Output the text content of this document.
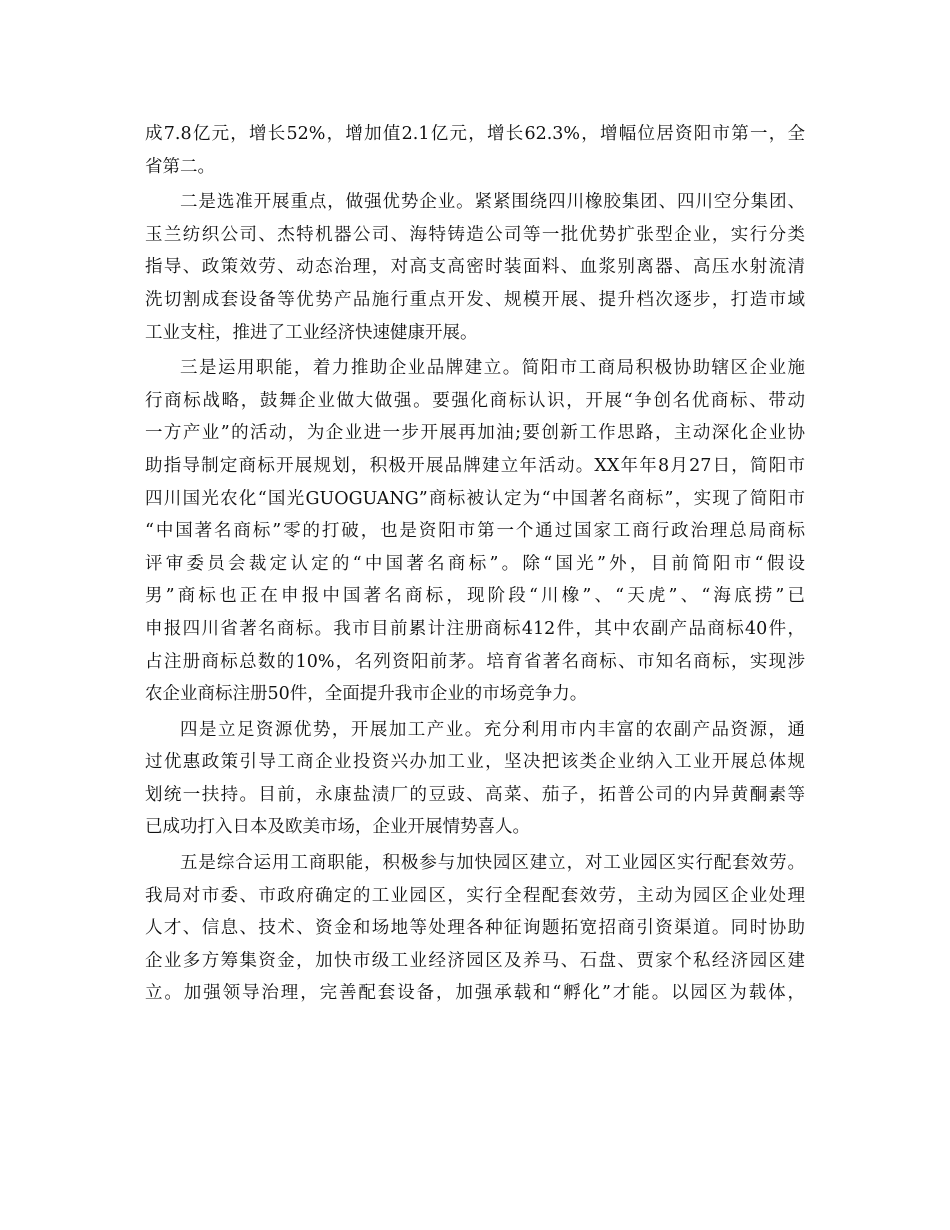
成7.8亿元，增长52%，增加值2.1亿元，增长62.3%，增幅位居资阳市第一，全
省第二。
二是选准开展重点，做强优势企业。紧紧围绕四川橡胶集团、四川空分集团、
玉兰纺织公司、杰特机器公司、海特铸造公司等一批优势扩张型企业，实行分类
指导、政策效劳、动态治理，对高支高密时装面料、血浆别离器、高压水射流清
洗切割成套设备等优势产品施行重点开发、规模开展、提升档次逐步，打造市域
工业支柱，推进了工业经济快速健康开展。
三是运用职能，着力推助企业品牌建立。简阳市工商局积极协助辖区企业施
行商标战略，鼓舞企业做大做强。要强化商标认识，开展“争创名优商标、带动
一方产业”的活动，为企业进一步开展再加油;要创新工作思路，主动深化企业协
助指导制定商标开展规划，积极开展品牌建立年活动。XX年年8月27日，简阳市
四川国光农化“国光GUOGUANG”商标被认定为“中国著名商标”，实现了简阳市
“中国著名商标”零的打破，也是资阳市第一个通过国家工商行政治理总局商标
评审委员会裁定认定的“中国著名商标”。除“国光”外，目前简阳市“假设
男”商标也正在申报中国著名商标，现阶段“川橡”、“天虎”、“海底捞”已
申报四川省著名商标。我市目前累计注册商标412件，其中农副产品商标40件，
占注册商标总数的10%，名列资阳前茅。培育省著名商标、市知名商标，实现涉
农企业商标注册50件，全面提升我市企业的市场竞争力。
四是立足资源优势，开展加工产业。充分利用市内丰富的农副产品资源，通
过优惠政策引导工商企业投资兴办加工业，坚决把该类企业纳入工业开展总体规
划统一扶持。目前，永康盐渍厂的豆豉、高菜、茄子，拓普公司的内异黄酮素等
已成功打入日本及欧美市场，企业开展情势喜人。
五是综合运用工商职能，积极参与加快园区建立，对工业园区实行配套效劳。
我局对市委、市政府确定的工业园区，实行全程配套效劳，主动为园区企业处理
人才、信息、技术、资金和场地等处理各种征询题拓宽招商引资渠道。同时协助
企业多方筹集资金，加快市级工业经济园区及养马、石盘、贾家个私经济园区建
立。加强领导治理，完善配套设备，加强承载和“孵化”才能。以园区为载体，
